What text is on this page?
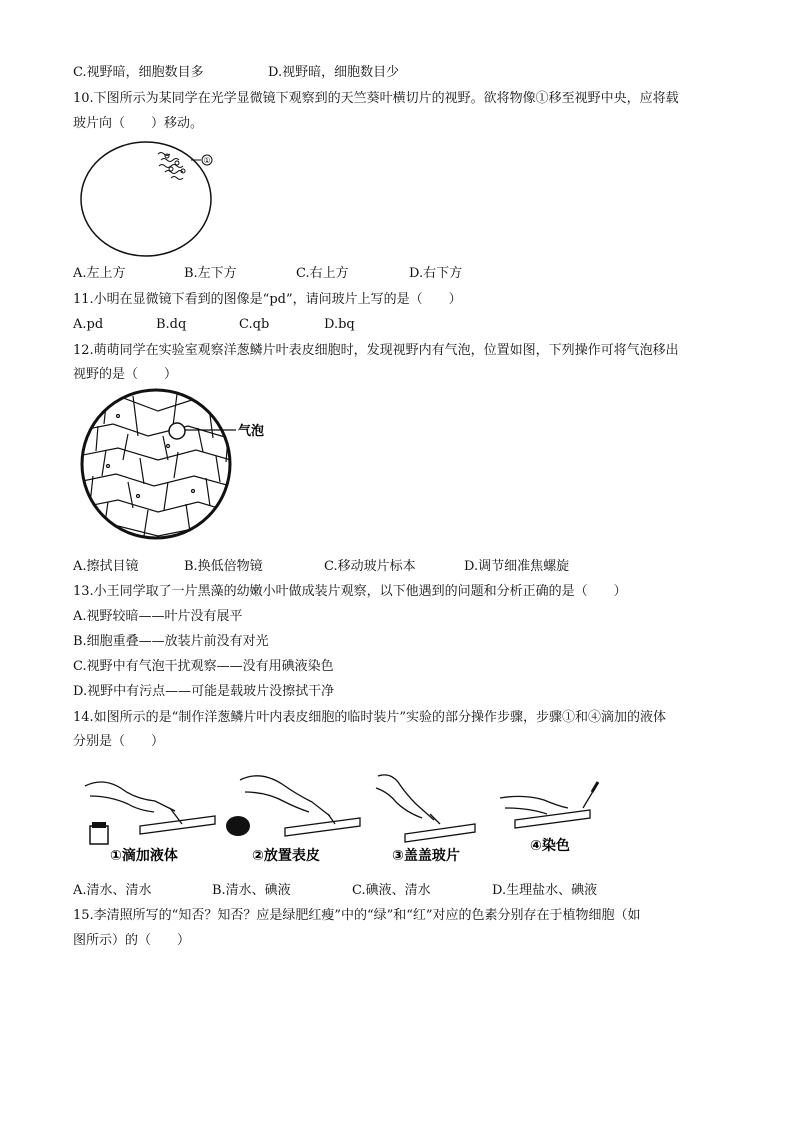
C.视野暗，细胞数目多	D.视野暗，细胞数目少
10.下图所示为某同学在光学显微镜下观察到的天竺葵叶横切片的视野。欲将物像①移至视野中央，应将载
玻片向（　　）移动。
①
A.左上方	B.左下方	C.右上方	D.右下方
11.小明在显微镜下看到的图像是“pd”，请问玻片上写的是（　　）
A.pd	B.dq	C.qb	D.bq
12.萌萌同学在实验室观察洋葱鳞片叶表皮细胞时，发现视野内有气泡，位置如图，下列操作可将气泡移出
视野的是（　　）
气泡
A.擦拭目镜	B.换低倍物镜	C.移动玻片标本	D.调节细准焦螺旋
13.小王同学取了一片黑藻的幼嫩小叶做成装片观察，以下他遇到的问题和分析正确的是（　　）
A.视野较暗——叶片没有展平
B.细胞重叠——放装片前没有对光
C.视野中有气泡干扰观察——没有用碘液染色
D.视野中有污点——可能是载玻片没擦拭干净
14.如图所示的是“制作洋葱鳞片叶内表皮细胞的临时装片”实验的部分操作步骤，步骤①和④滴加的液体
分别是（　　）
①滴加液体	②放置表皮	③盖盖玻片
④染色
A.清水、清水	B.清水、碘液	C.碘液、清水	D.生理盐水、碘液
15.李清照所写的“知否？知否？应是绿肥红瘦”中的“绿”和“红”对应的色素分别存在于植物细胞（如
图所示）的（　　）
